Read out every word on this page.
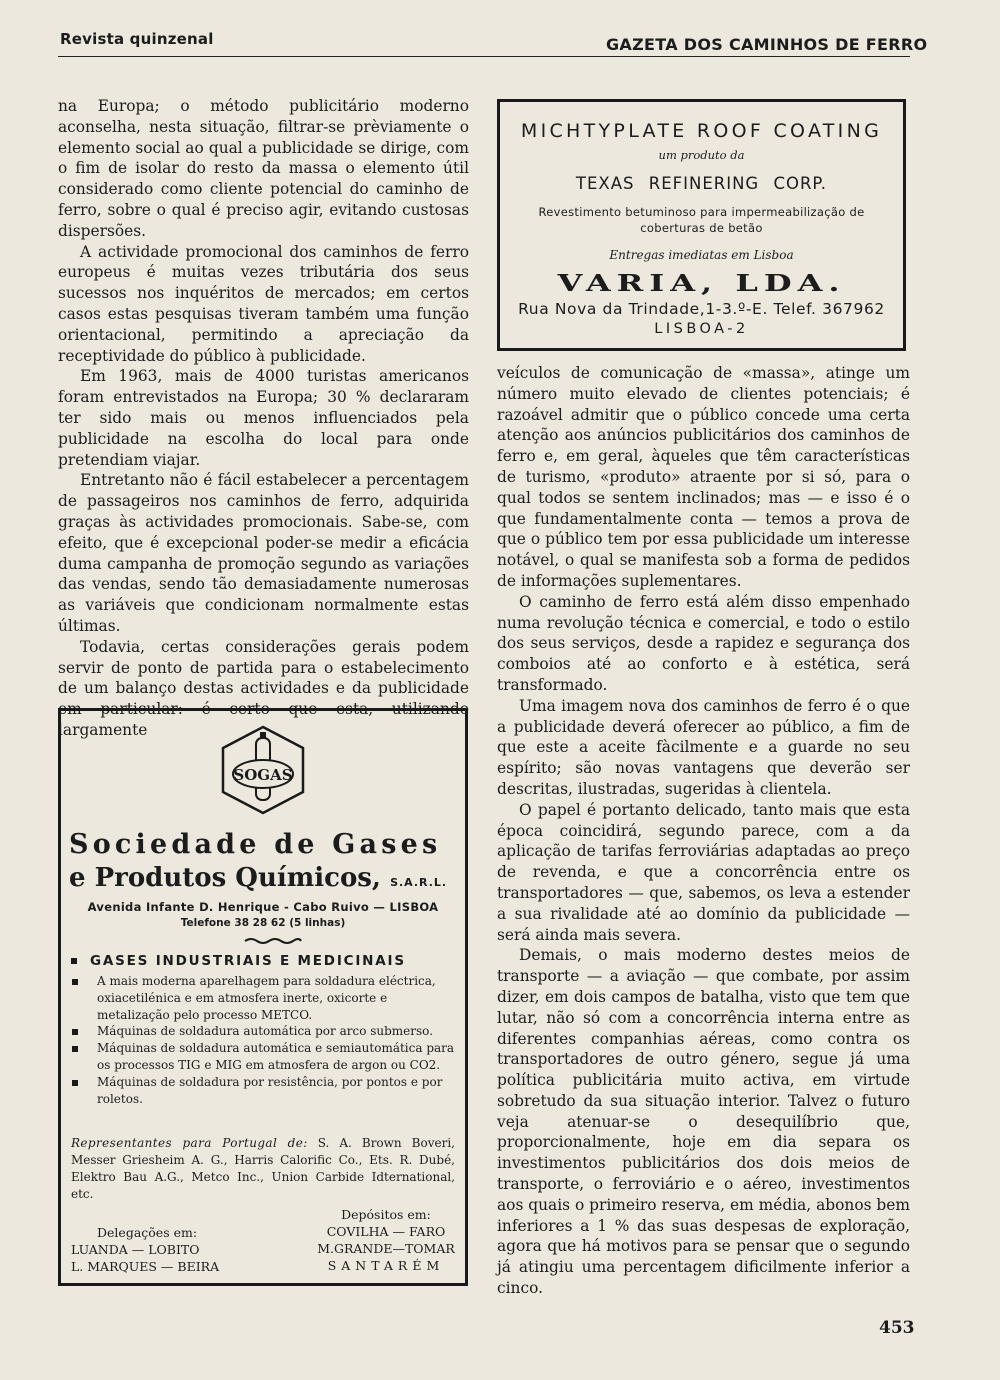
Revista quinzenal	GAZETA DOS CAMINHOS DE FERRO

na Europa; o método publicitário moderno aconselha, nesta situação, filtrar-se prèviamente o elemento social ao qual a publicidade se dirige, com o fim de isolar do resto da massa o elemento útil considerado como cliente potencial do caminho de ferro, sobre o qual é preciso agir, evitando custosas dispersões.

A actividade promocional dos caminhos de ferro europeus é muitas vezes tributária dos seus sucessos nos inquéritos de mercados; em certos casos estas pesquisas tiveram também uma função orientacional, permitindo a apreciação da receptividade do público à publicidade.

Em 1963, mais de 4000 turistas americanos foram entrevistados na Europa; 30 % declararam ter sido mais ou menos influenciados pela publicidade na escolha do local para onde pretendiam viajar.

Entretanto não é fácil estabelecer a percentagem de passageiros nos caminhos de ferro, adquirida graças às actividades promocionais. Sabe-se, com efeito, que é excepcional poder-se medir a eficácia duma campanha de promoção segundo as variações das vendas, sendo tão demasiadamente numerosas as variáveis que condicionam normalmente estas últimas.

Todavia, certas considerações gerais podem servir de ponto de partida para o estabelecimento de um balanço destas actividades e da publicidade em particular: é certo que esta, utilizando largamente

MICHTYPLATE ROOF COATING
um produto da
TEXAS REFINERING CORP.
Revestimento betuminoso para impermeabilização de coberturas de betão
Entregas imediatas em Lisboa
VARIA, LDA.
Rua Nova da Trindade,1-3.º-E. Telef. 367962
LISBOA-2

veículos de comunicação de «massa», atinge um número muito elevado de clientes potenciais; é razoável admitir que o público concede uma certa atenção aos anúncios publicitários dos caminhos de ferro e, em geral, àqueles que têm características de turismo, «produto» atraente por si só, para o qual todos se sentem inclinados; mas — e isso é o que fundamentalmente conta — temos a prova de que o público tem por essa publicidade um interesse notável, o qual se manifesta sob a forma de pedidos de informações suplementares.

O caminho de ferro está além disso empenhado numa revolução técnica e comercial, e todo o estilo dos seus serviços, desde a rapidez e segurança dos comboios até ao conforto e à estética, será transformado.

Uma imagem nova dos caminhos de ferro é o que a publicidade deverá oferecer ao público, a fim de que este a aceite fàcilmente e a guarde no seu espírito; são novas vantagens que deverão ser descritas, ilustradas, sugeridas à clientela.

O papel é portanto delicado, tanto mais que esta época coincidirá, segundo parece, com a da aplicação de tarifas ferroviárias adaptadas ao preço de revenda, e que a concorrência entre os transportadores — que, sabemos, os leva a estender a sua rivalidade até ao domínio da publicidade — será ainda mais severa.

Demais, o mais moderno destes meios de transporte — a aviação — que combate, por assim dizer, em dois campos de batalha, visto que tem que lutar, não só com a concorrência interna entre as diferentes companhias aéreas, como contra os transportadores de outro género, segue já uma política publicitária muito activa, em virtude sobretudo da sua situação interior. Talvez o futuro veja atenuar-se o desequilíbrio que, proporcionalmente, hoje em dia separa os investimentos publicitários dos dois meios de transporte, o ferroviário e o aéreo, investimentos aos quais o primeiro reserva, em média, abonos bem inferiores a 1 % das suas despesas de exploração, agora que há motivos para se pensar que o segundo já atingiu uma percentagem dificilmente inferior a cinco.

SOGAS
Sociedade de Gases
e Produtos Químicos, S.A.R.L.
Avenida Infante D. Henrique - Cabo Ruivo — LISBOA
Telefone 38 28 62 (5 linhas)
GASES INDUSTRIAIS E MEDICINAIS
A mais moderna aparelhagem para soldadura eléctrica, oxiacetilénica e em atmosfera inerte, oxicorte e metalização pelo processo METCO.
Máquinas de soldadura automática por arco submerso.
Máquinas de soldadura automática e semiautomática para os processos TIG e MIG em atmosfera de argon ou CO2.
Máquinas de soldadura por resistência, por pontos e por roletos.
Representantes para Portugal de: S. A. Brown Boveri, Messer Griesheim A. G., Harris Calorific Co., Ets. R. Dubé, Elektro Bau A.G., Metco Inc., Union Carbide Idternational, etc.
Delegações em:
LUANDA — LOBITO
L. MARQUES — BEIRA
Depósitos em:
COVILHA — FARO
M.GRANDE—TOMAR
SANTARÉM
453
